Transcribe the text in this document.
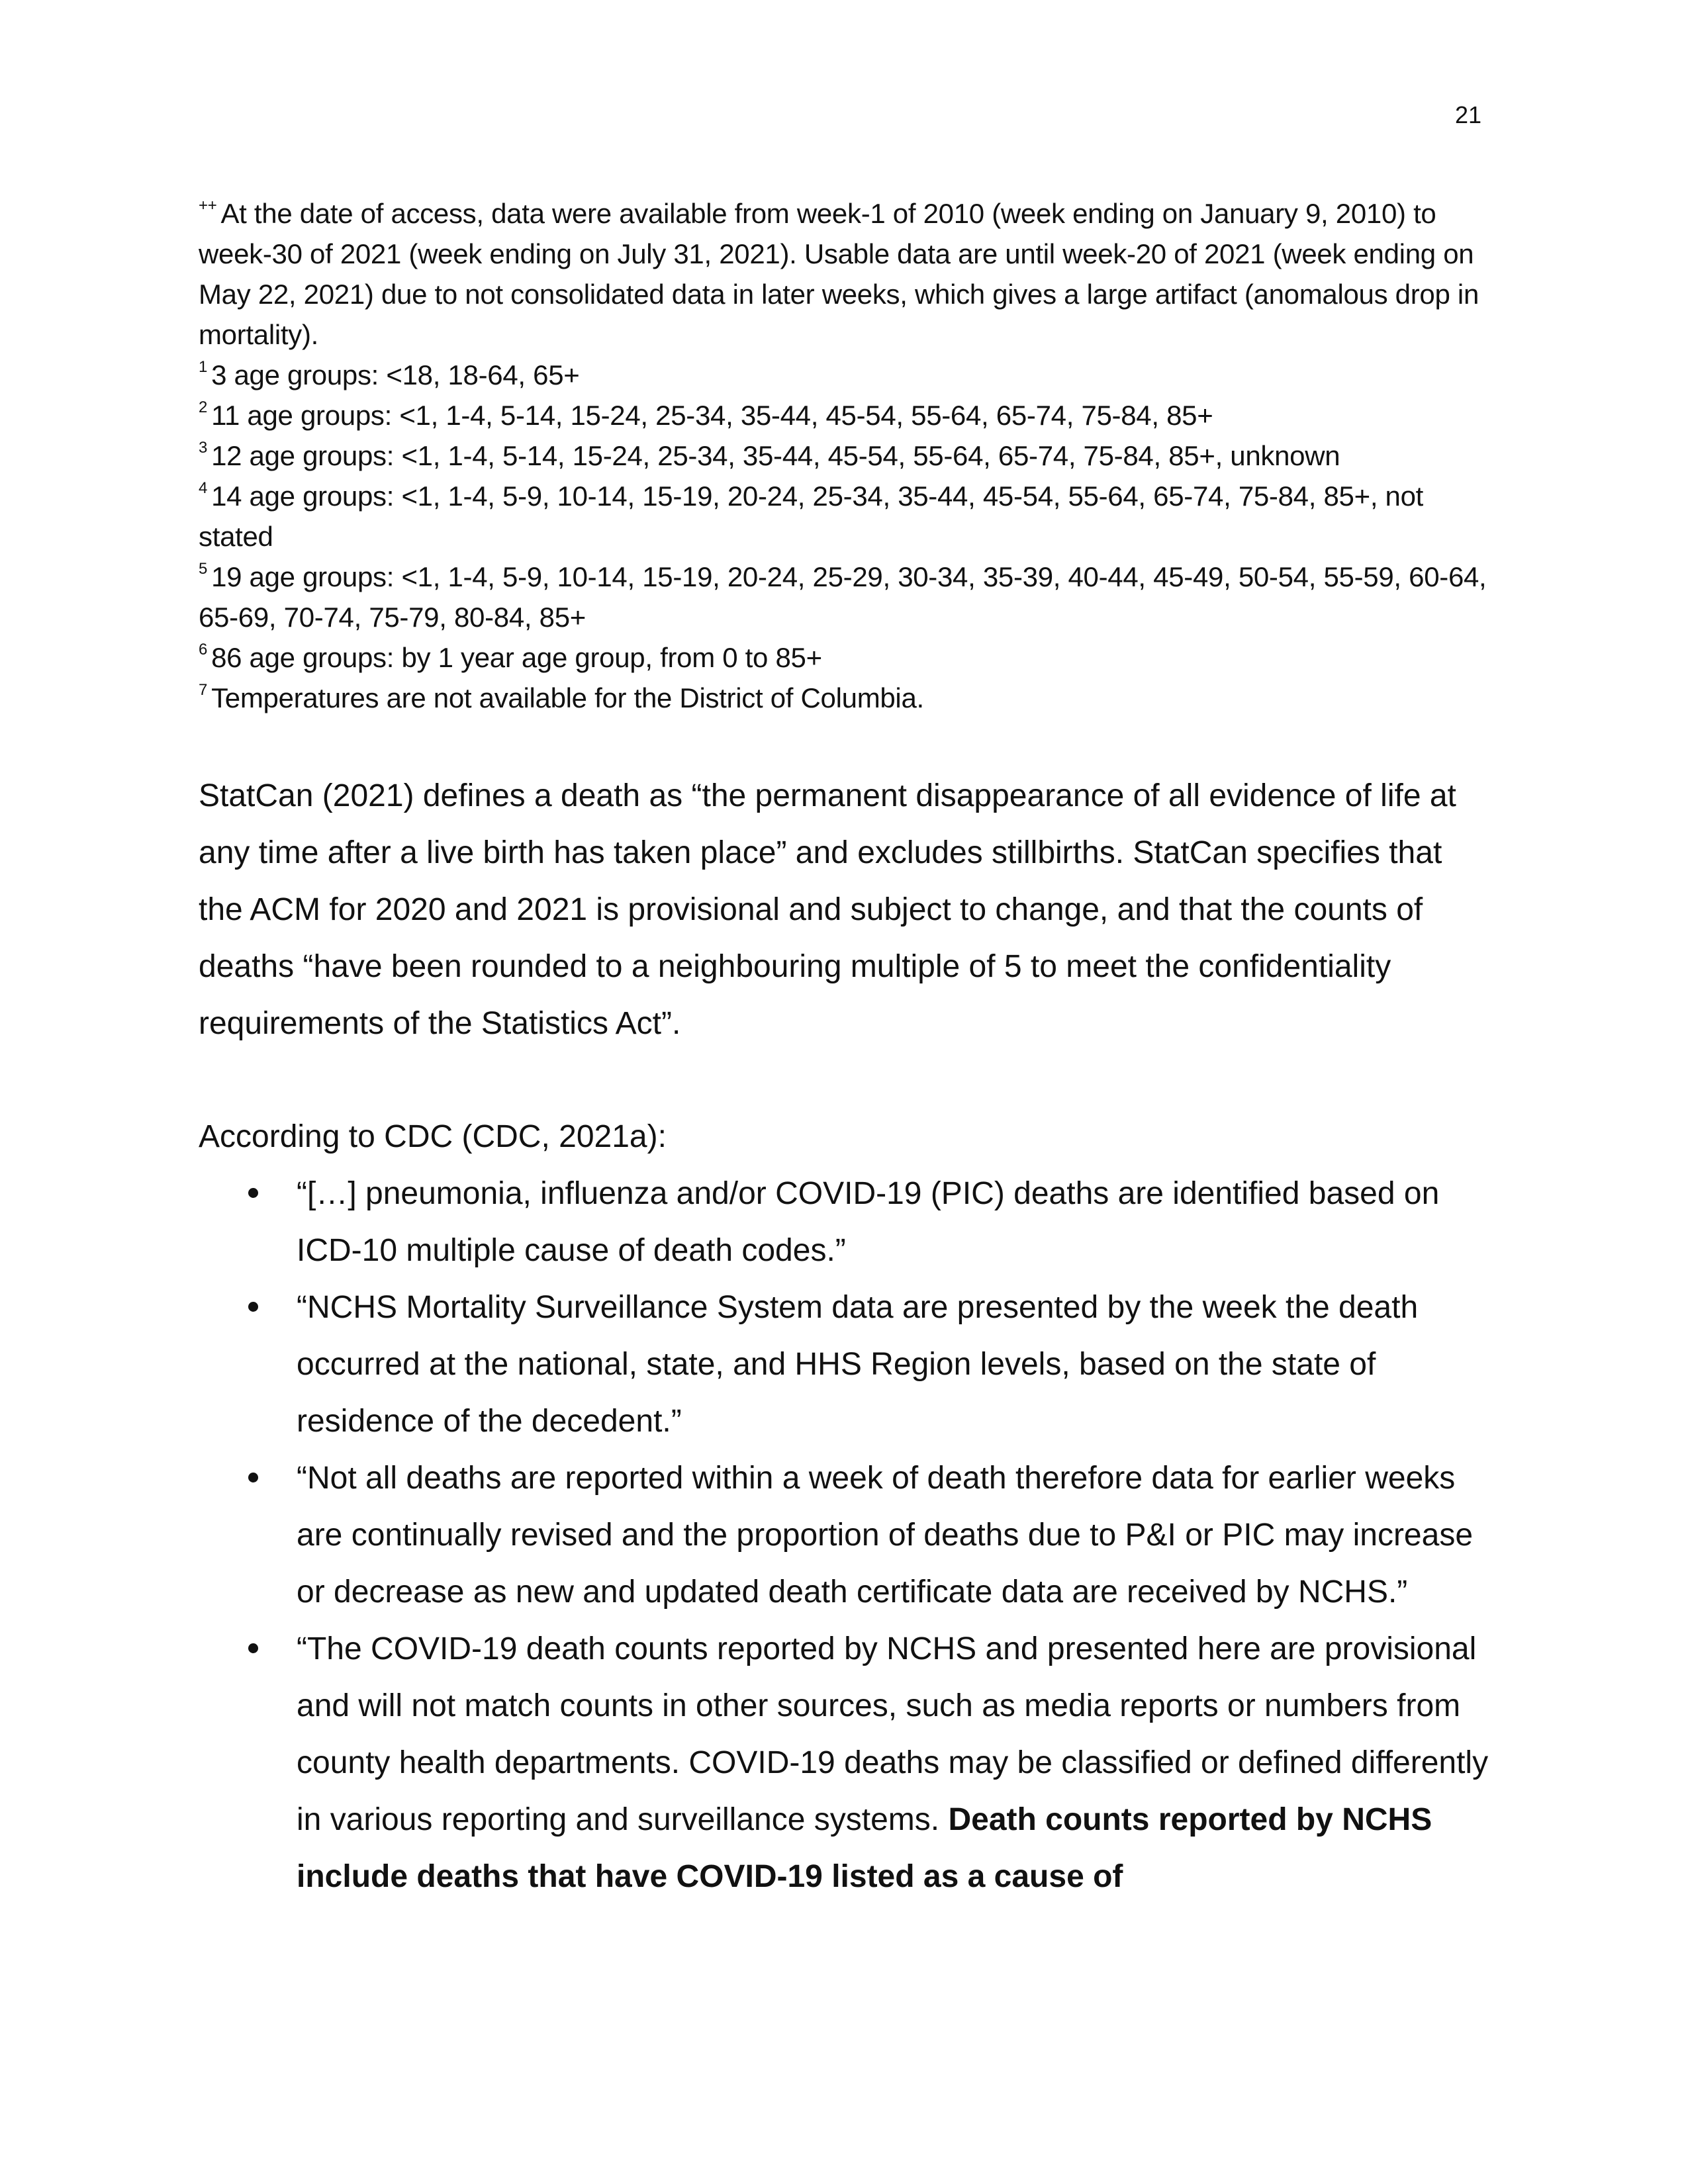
21

++ At the date of access, data were available from week-1 of 2010 (week ending on January 9, 2010) to week-30 of 2021 (week ending on July 31, 2021). Usable data are until week-20 of 2021 (week ending on May 22, 2021) due to not consolidated data in later weeks, which gives a large artifact (anomalous drop in mortality).

$^1$ 3 age groups: <18, 18-64, 65+

$^2$ 11 age groups: <1, 1-4, 5-14, 15-24, 25-34, 35-44, 45-54, 55-64, 65-74, 75-84, 85+

$^3$ 12 age groups: <1, 1-4, 5-14, 15-24, 25-34, 35-44, 45-54, 55-64, 65-74, 75-84, 85+, unknown

$^4$ 14 age groups: <1, 1-4, 5-9, 10-14, 15-19, 20-24, 25-34, 35-44, 45-54, 55-64, 65-74, 75-84, 85+, not stated

$^5$ 19 age groups: <1, 1-4, 5-9, 10-14, 15-19, 20-24, 25-29, 30-34, 35-39, 40-44, 45-49, 50-54, 55-59, 60-64, 65-69, 70-74, 75-79, 80-84, 85+

$^6$ 86 age groups: by 1 year age group, from 0 to 85+

$^7$ Temperatures are not available for the District of Columbia.

StatCan (2021) defines a death as “the permanent disappearance of all evidence of life at any time after a live birth has taken place” and excludes stillbirths. StatCan specifies that the ACM for 2020 and 2021 is provisional and subject to change, and that the counts of deaths “have been rounded to a neighbouring multiple of 5 to meet the confidentiality requirements of the Statistics Act”.

According to CDC (CDC, 2021a):

“[…] pneumonia, influenza and/or COVID-19 (PIC) deaths are identified based on ICD-10 multiple cause of death codes.”
“NCHS Mortality Surveillance System data are presented by the week the death occurred at the national, state, and HHS Region levels, based on the state of residence of the decedent.”
“Not all deaths are reported within a week of death therefore data for earlier weeks are continually revised and the proportion of deaths due to P&I or PIC may increase or decrease as new and updated death certificate data are received by NCHS.”
“The COVID-19 death counts reported by NCHS and presented here are provisional and will not match counts in other sources, such as media reports or numbers from county health departments. COVID-19 deaths may be classified or defined differently in various reporting and surveillance systems. Death counts reported by NCHS include deaths that have COVID-19 listed as a cause of
